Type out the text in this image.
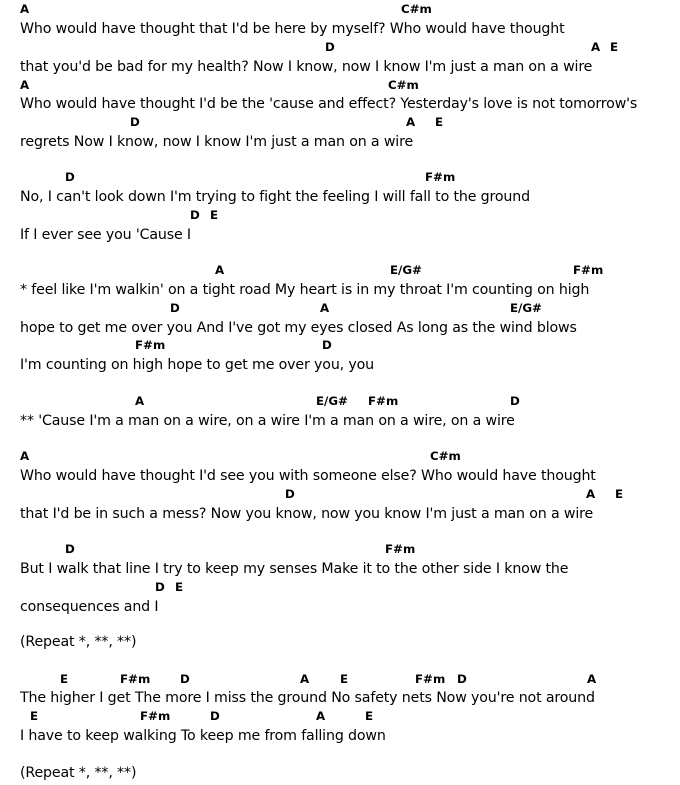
A	C#m
Who would have thought that I'd be here by myself? Who would have thought
D	A E
that you'd be bad for my health? Now I know, now I know I'm just a man on a wire
A	C#m
Who would have thought I'd be the 'cause and effect? Yesterday's love is not tomorrow's
D	A E
regrets Now I know, now I know I'm just a man on a wire
D	F#m
No, I can't look down I'm trying to fight the feeling I will fall to the ground
D E
If I ever see you 'Cause I
A	E/G#	F#m
* feel like I'm walkin' on a tight road My heart is in my throat I'm counting on high
D	A	E/G#
hope to get me over you And I've got my eyes closed As long as the wind blows
F#m	D
I'm counting on high hope to get me over you, you
A	E/G# F#m	D
** 'Cause I'm a man on a wire, on a wire I'm a man on a wire, on a wire
A	C#m
Who would have thought I'd see you with someone else? Who would have thought
D	A E
that I'd be in such a mess? Now you know, now you know I'm just a man on a wire
D	F#m
But I walk that line I try to keep my senses Make it to the other side I know the
D E
consequences and I
(Repeat *, **, **)
E	F#m	D	A	E	F#m D	A
The higher I get The more I miss the ground No safety nets Now you're not around
E	F#m	D	A	E
I have to keep walking To keep me from falling down
(Repeat *, **, **)
